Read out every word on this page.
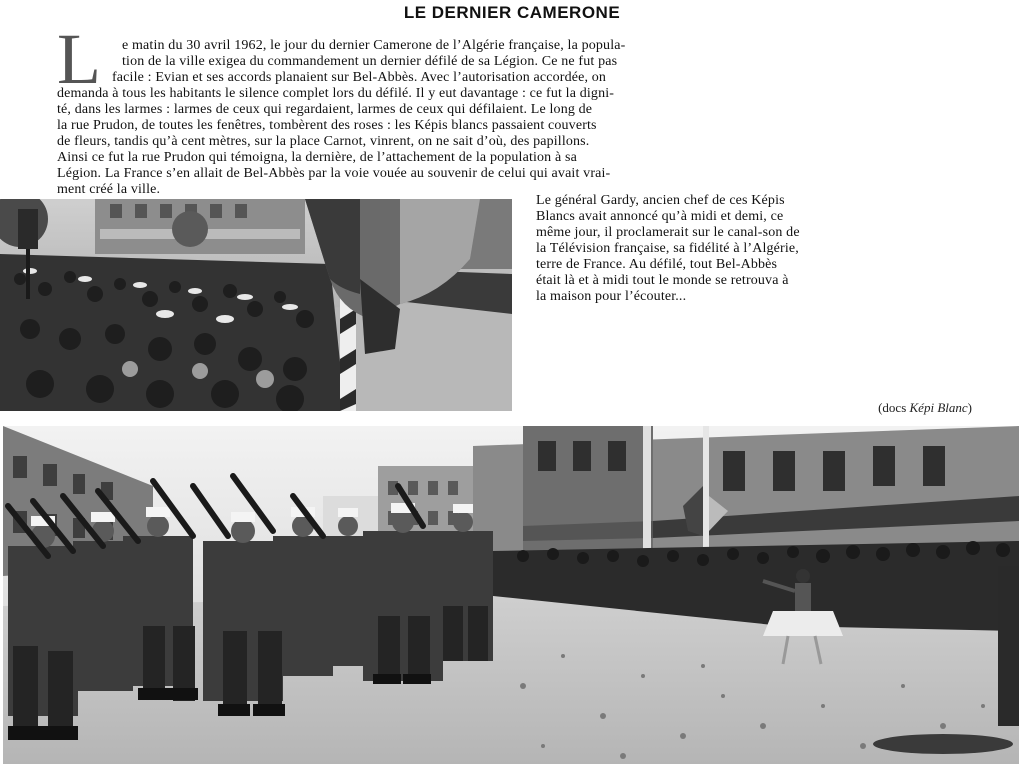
LE DERNIER CAMERONE
L e matin du 30 avril 1962, le jour du dernier Camerone de l’Algérie française, la popula-
tion de la ville exigea du commandement un dernier défilé de sa Légion. Ce ne fut pas
facile : Evian et ses accords planaient sur Bel-Abbès. Avec l’autorisation accordée, on
demanda à tous les habitants le silence complet lors du défilé. Il y eut davantage : ce fut la digni-
té, dans les larmes : larmes de ceux qui regardaient, larmes de ceux qui défilaient. Le long de
la rue Prudon, de toutes les fenêtres, tombèrent des roses : les Képis blancs passaient couverts
de fleurs, tandis qu’à cent mètres, sur la place Carnot, vinrent, on ne sait d’où, des papillons.
Ainsi ce fut la rue Prudon qui témoigna, la dernière, de l’attachement de la population à sa
Légion. La France s’en allait de Bel-Abbès par la voie vouée au souvenir de celui qui avait vrai-
ment créé la ville.
Le général Gardy, ancien chef de ces Képis
Blancs avait annoncé qu’à midi et demi, ce
même jour, il proclamerait sur le canal-son de
la Télévision française, sa fidélité à l’Algérie,
terre de France. Au défilé, tout Bel-Abbès
était là et à midi tout le monde se retrouva à
la maison pour l’écouter...
(docs Képi Blanc)
